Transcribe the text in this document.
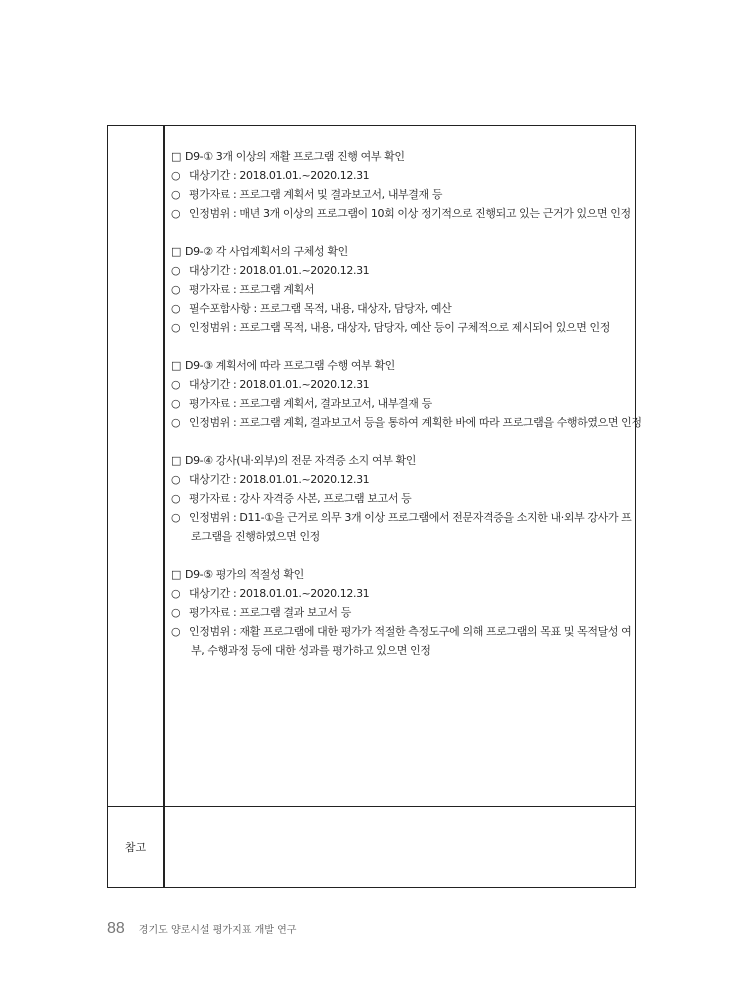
□ D9-① 3개 이상의 재활 프로그램 진행 여부 확인
○ 대상기간 : 2018.01.01.~2020.12.31
○ 평가자료 : 프로그램 계획서 및 결과보고서, 내부결재 등
○ 인정범위 : 매년 3개 이상의 프로그램이 10회 이상 정기적으로 진행되고 있는 근거가 있으면 인정
□ D9-② 각 사업계획서의 구체성 확인
○ 대상기간 : 2018.01.01.~2020.12.31
○ 평가자료 : 프로그램 계획서
○ 필수포함사항 : 프로그램 목적, 내용, 대상자, 담당자, 예산
○ 인정범위 : 프로그램 목적, 내용, 대상자, 담당자, 예산 등이 구체적으로 제시되어 있으면 인정
□ D9-③ 계획서에 따라 프로그램 수행 여부 확인
○ 대상기간 : 2018.01.01.~2020.12.31
○ 평가자료 : 프로그램 계획서, 결과보고서, 내부결재 등
○ 인정범위 : 프로그램 계획, 결과보고서 등을 통하여 계획한 바에 따라 프로그램을 수행하였으면 인정
□ D9-④ 강사(내·외부)의 전문 자격증 소지 여부 확인
○ 대상기간 : 2018.01.01.~2020.12.31
○ 평가자료 : 강사 자격증 사본, 프로그램 보고서 등
○ 인정범위 : D11-①을 근거로 의무 3개 이상 프로그램에서 전문자격증을 소지한 내·외부 강사가 프
로그램을 진행하였으면 인정
□ D9-⑤ 평가의 적절성 확인
○ 대상기간 : 2018.01.01.~2020.12.31
○ 평가자료 : 프로그램 결과 보고서 등
○ 인정범위 : 재활 프로그램에 대한 평가가 적절한 측정도구에 의해 프로그램의 목표 및 목적달성 여
부, 수행과정 등에 대한 성과를 평가하고 있으면 인정
참고
88 경기도 양로시설 평가지표 개발 연구
